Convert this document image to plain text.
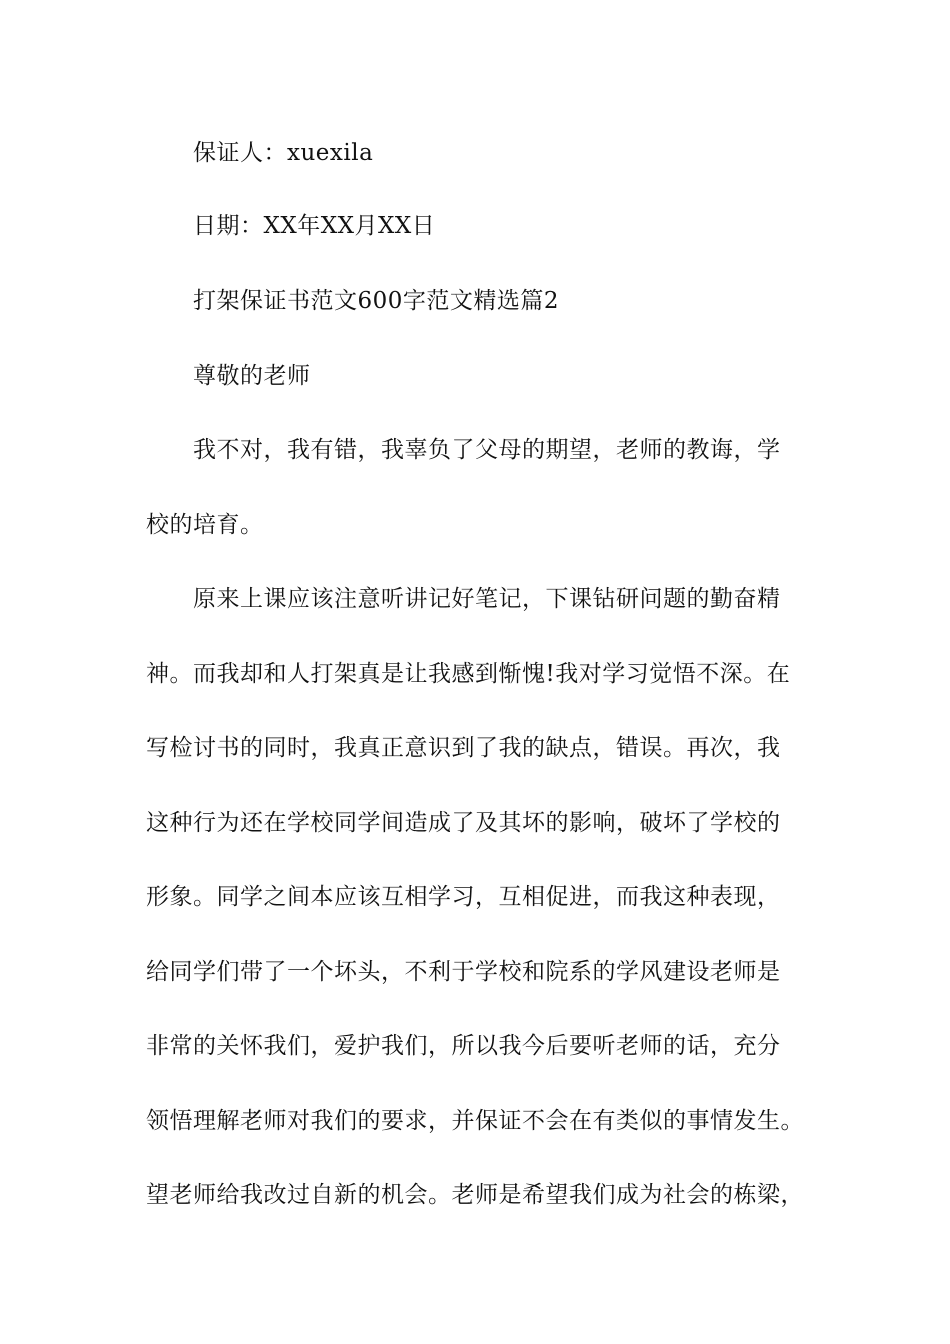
保证人：xuexila
日期：XX年XX月XX日
打架保证书范文600字范文精选篇2
尊敬的老师
我不对，我有错，我辜负了父母的期望，老师的教诲，学
校的培育。
原来上课应该注意听讲记好笔记，下课钻研问题的勤奋精
神。而我却和人打架真是让我感到惭愧!我对学习觉悟不深。在
写检讨书的同时，我真正意识到了我的缺点，错误。再次，我
这种行为还在学校同学间造成了及其坏的影响，破坏了学校的
形象。同学之间本应该互相学习，互相促进，而我这种表现，
给同学们带了一个坏头，不利于学校和院系的学风建设老师是
非常的关怀我们，爱护我们，所以我今后要听老师的话，充分
领悟理解老师对我们的要求，并保证不会在有类似的事情发生。
望老师给我改过自新的机会。老师是希望我们成为社会的栋梁，
